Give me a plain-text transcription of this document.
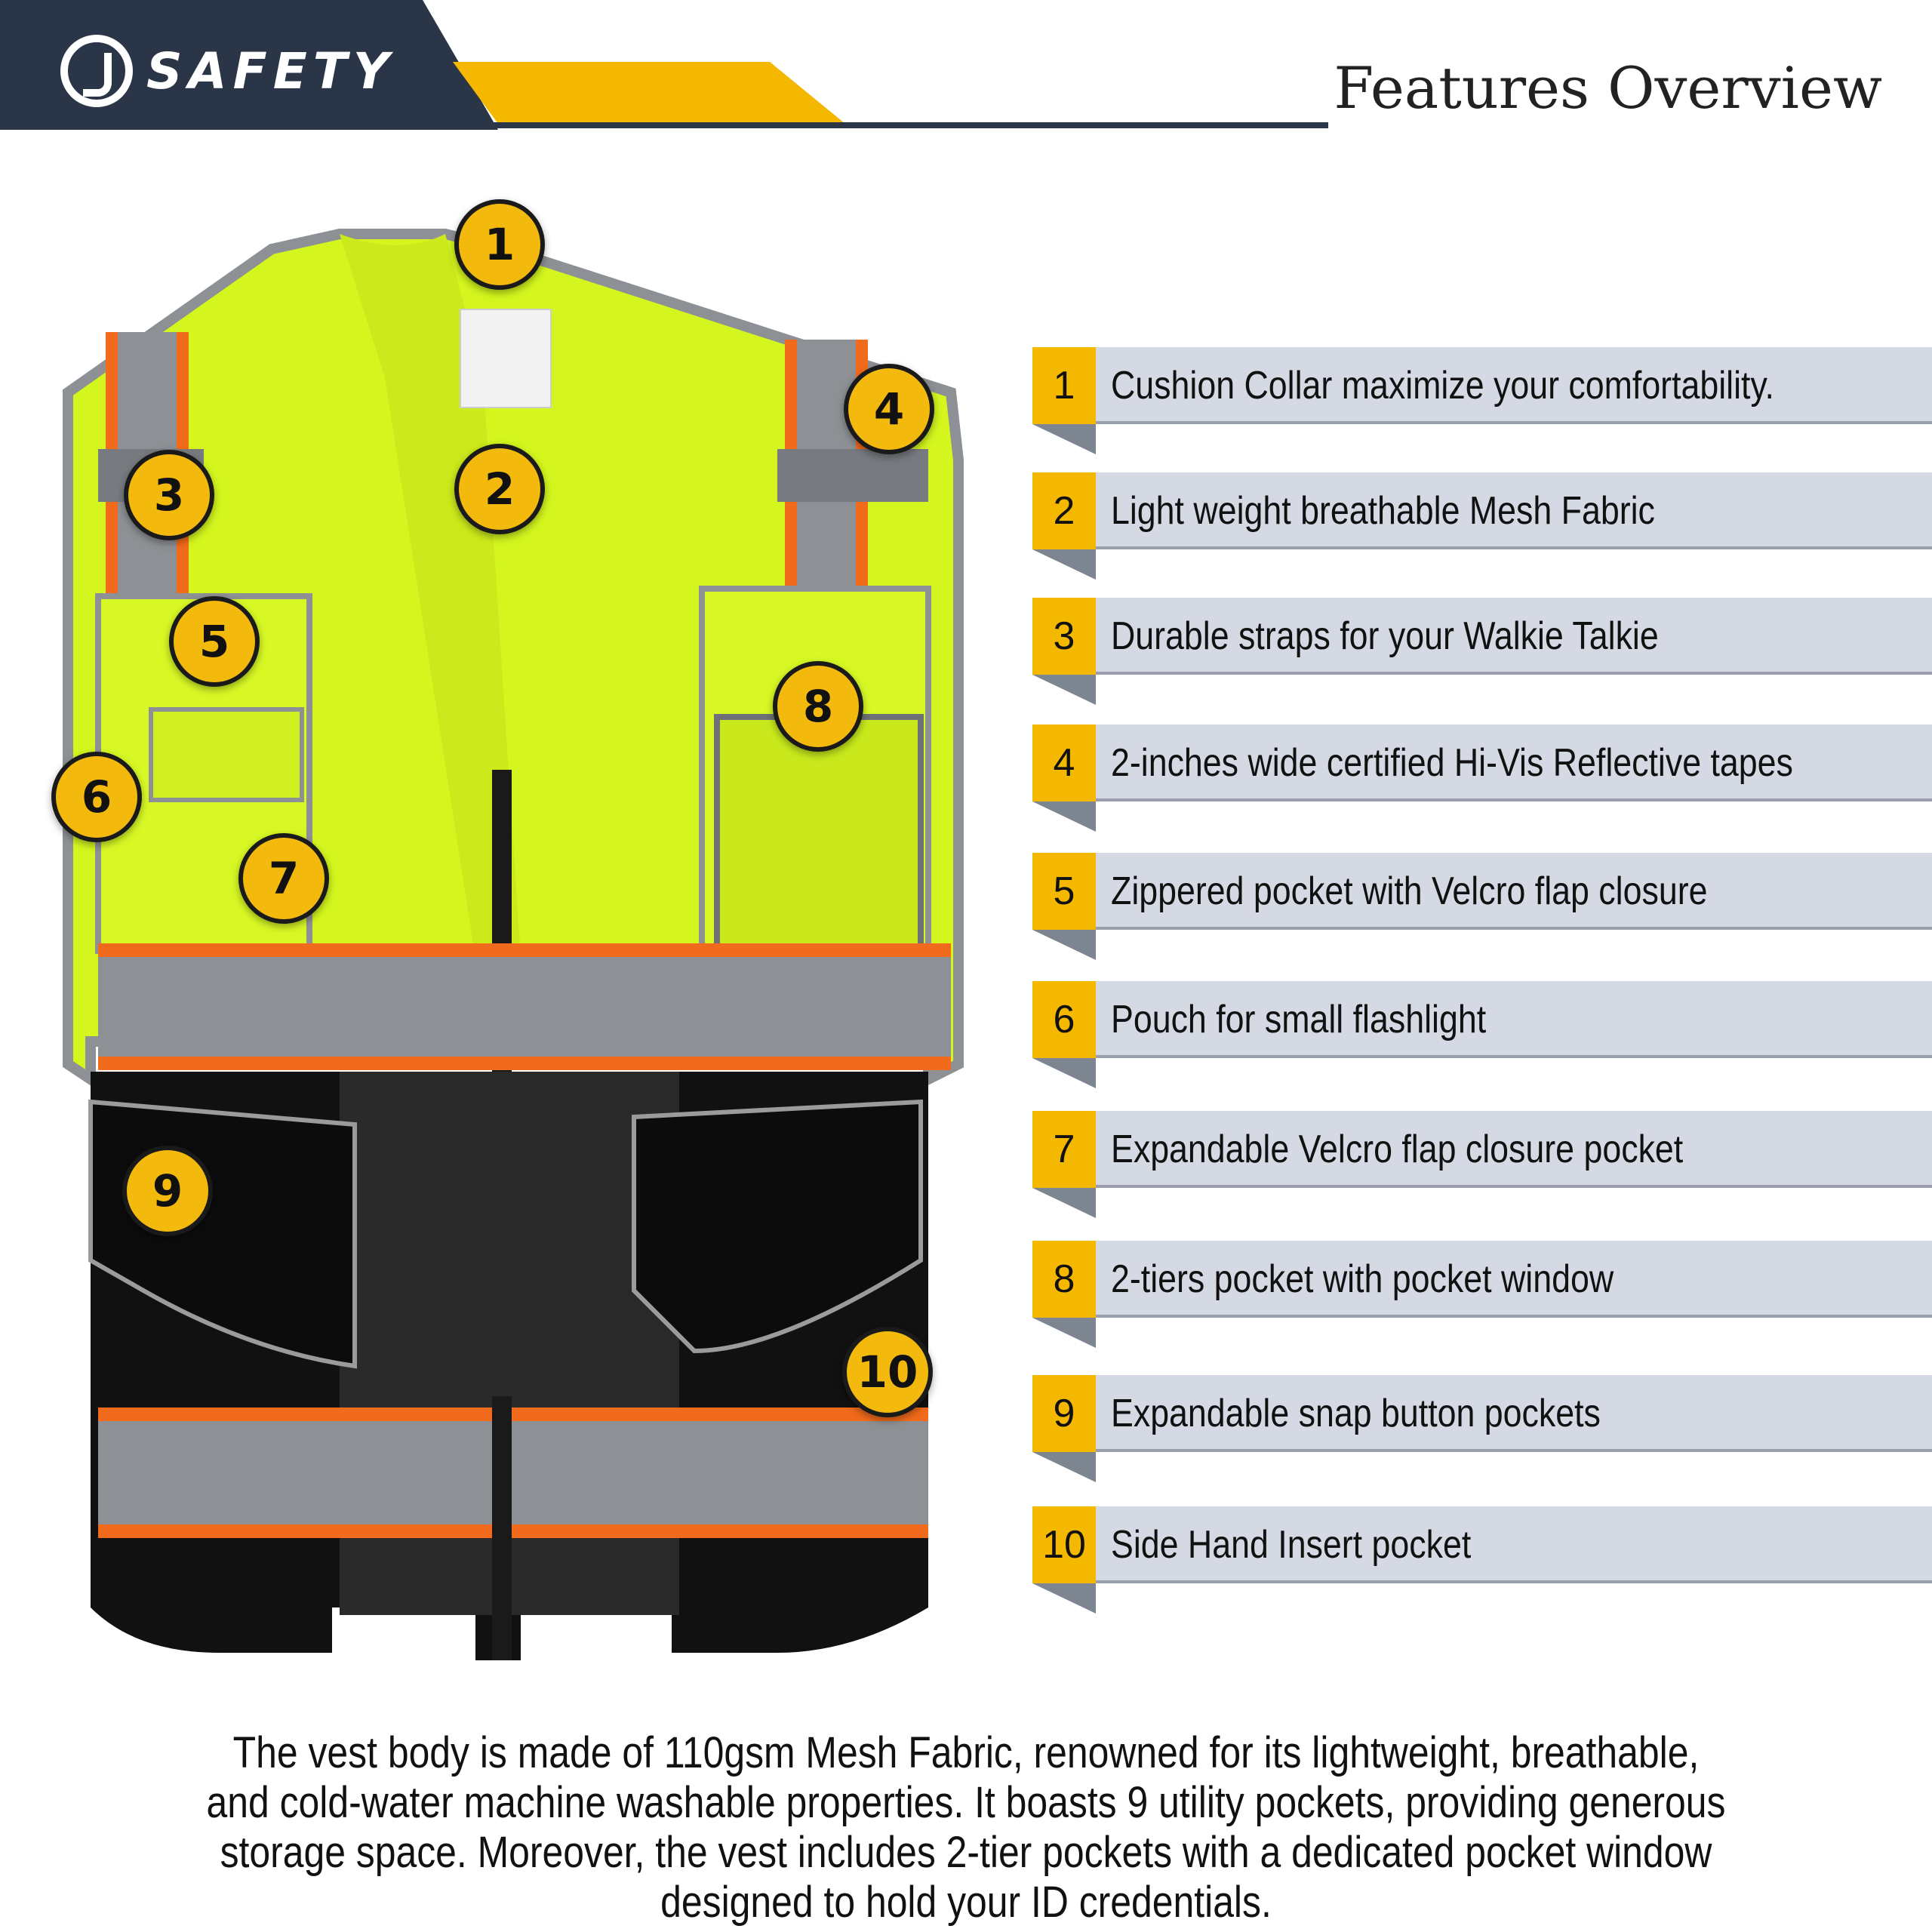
SAFETY	Features Overview
1
2
3
4
5
6
7
8
9
10
1 Cushion Collar maximize your comfortability.
2 Light weight breathable Mesh Fabric
3 Durable straps for your Walkie Talkie
4 2-inches wide certified Hi-Vis Reflective tapes
5 Zippered pocket with Velcro flap closure
6 Pouch for small flashlight
7 Expandable Velcro flap closure pocket
8 2-tiers pocket with pocket window
9 Expandable snap button pockets
10 Side Hand Insert pocket

The vest body is made of 110gsm Mesh Fabric, renowned for its lightweight, breathable, and cold-water machine washable properties. It boasts 9 utility pockets, providing generous storage space. Moreover, the vest includes 2-tier pockets with a dedicated pocket window designed to hold your ID credentials.
